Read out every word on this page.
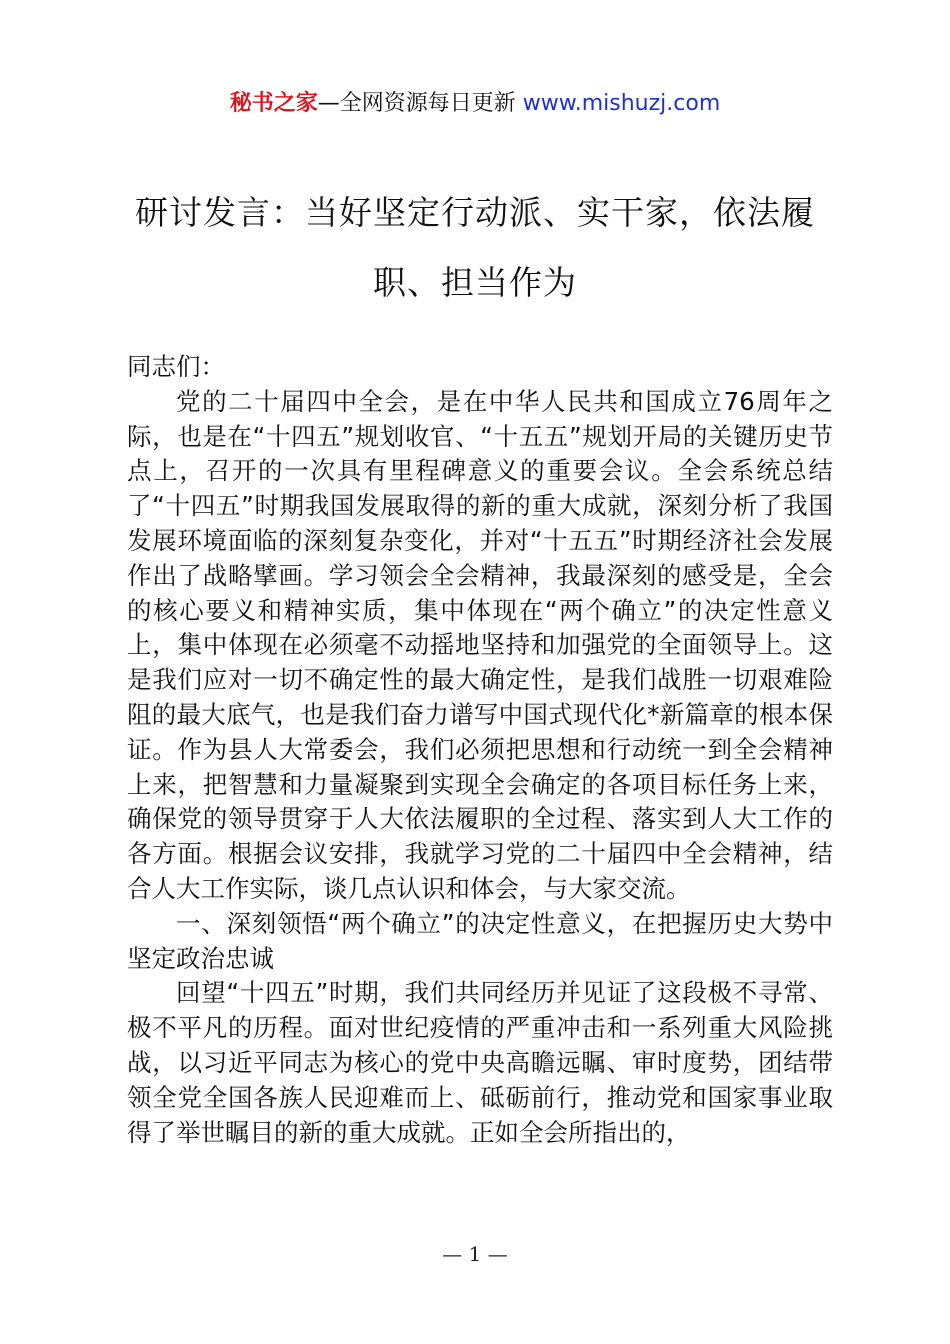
秘书之家—全网资源每日更新 www.mishuzj.com
研讨发言：当好坚定行动派、实干家，依法履职、担当作为

同志们：

党的二十届四中全会，是在中华人民共和国成立76周年之际，也是在“十四五”规划收官、“十五五”规划开局的关键历史节点上，召开的一次具有里程碑意义的重要会议。全会系统总结了“十四五”时期我国发展取得的新的重大成就，深刻分析了我国发展环境面临的深刻复杂变化，并对“十五五”时期经济社会发展作出了战略擘画。学习领会全会精神，我最深刻的感受是，全会的核心要义和精神实质，集中体现在“两个确立”的决定性意义上，集中体现在必须毫不动摇地坚持和加强党的全面领导上。这是我们应对一切不确定性的最大确定性，是我们战胜一切艰难险阻的最大底气，也是我们奋力谱写中国式现代化*新篇章的根本保证。作为县人大常委会，我们必须把思想和行动统一到全会精神上来，把智慧和力量凝聚到实现全会确定的各项目标任务上来，确保党的领导贯穿于人大依法履职的全过程、落实到人大工作的各方面。根据会议安排，我就学习党的二十届四中全会精神，结合人大工作实际，谈几点认识和体会，与大家交流。

一、深刻领悟“两个确立”的决定性意义，在把握历史大势中坚定政治忠诚

回望“十四五”时期，我们共同经历并见证了这段极不寻常、极不平凡的历程。面对世纪疫情的严重冲击和一系列重大风险挑战，以习近平同志为核心的党中央高瞻远瞩、审时度势，团结带领全党全国各族人民迎难而上、砥砺前行，推动党和国家事业取得了举世瞩目的新的重大成就。正如全会所指出的，

— 1 —
